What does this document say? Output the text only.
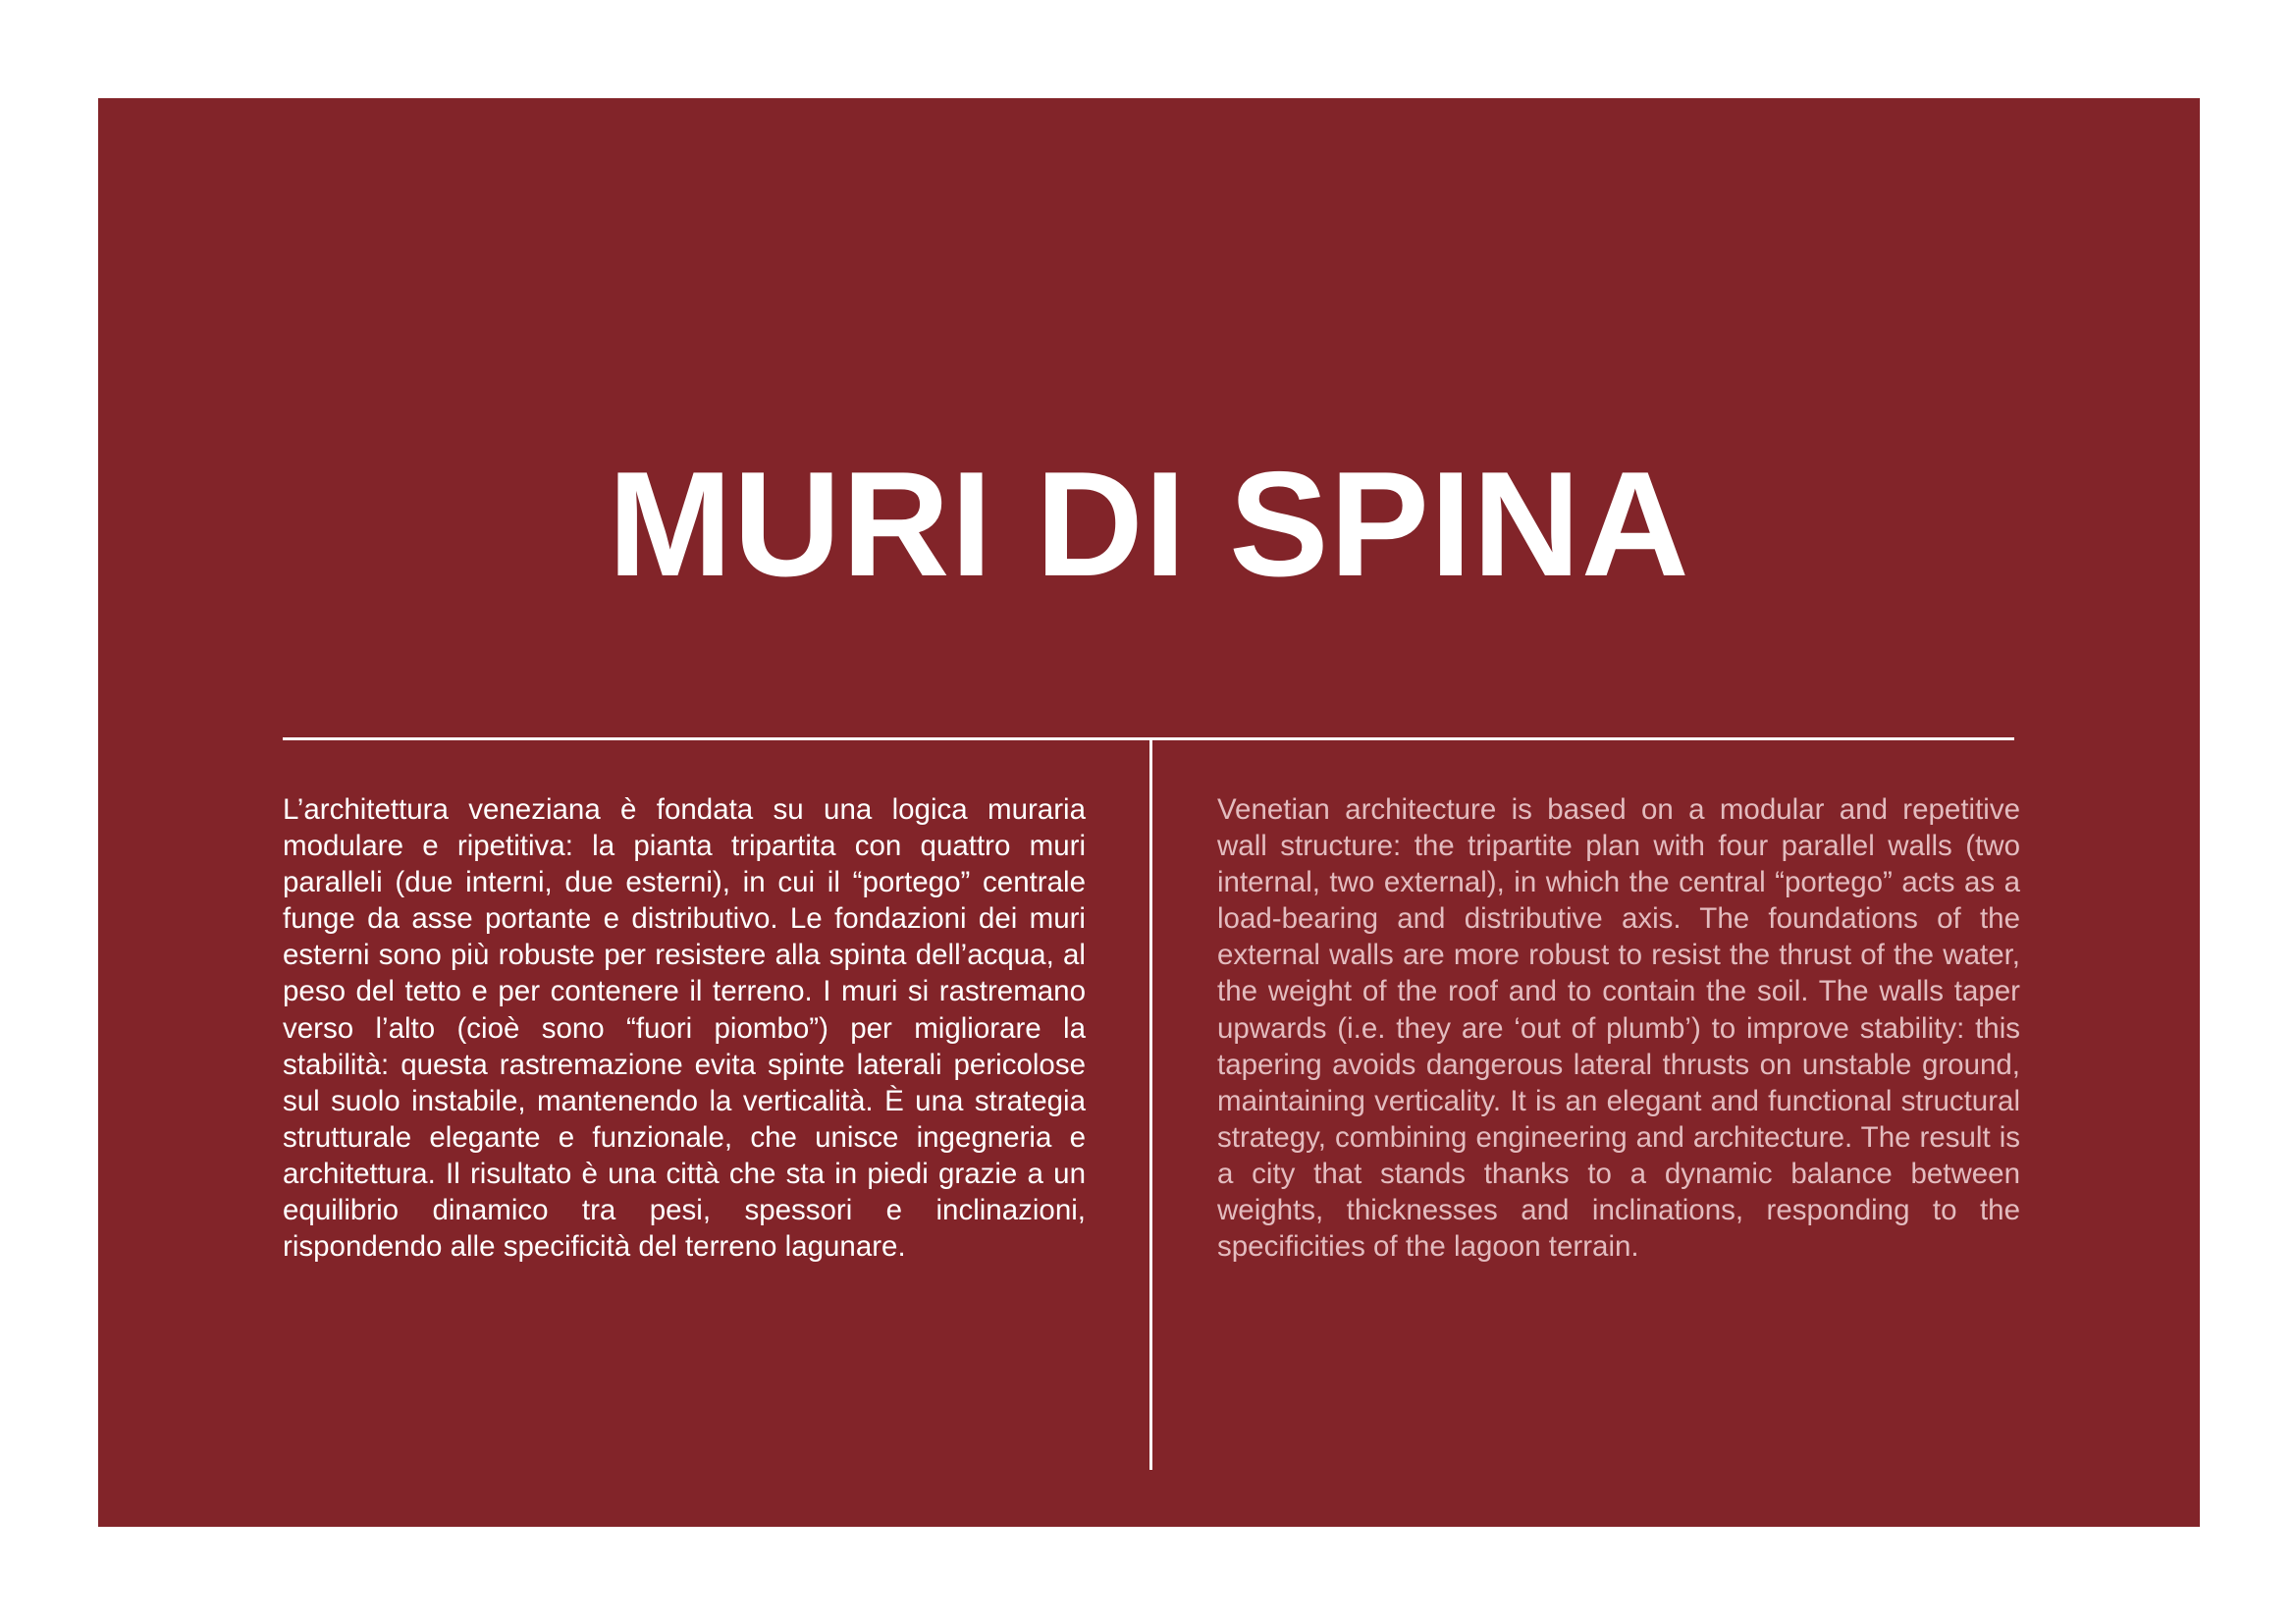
MURI DI SPINA

L’architettura veneziana è fondata su una logica muraria modulare e ripetitiva: la pianta tripartita con quattro muri paralleli (due interni, due esterni), in cui il “portego” centrale funge da asse portante e distributivo. Le fondazioni dei muri esterni sono più robuste per resistere alla spinta dell’acqua, al peso del tetto e per contenere il terreno. I muri si rastremano verso l’alto (cioè sono “fuori piombo”) per migliorare la stabilità: questa rastremazione evita spinte laterali pericolose sul suolo instabile, mantenendo la verticalità. È una strategia strutturale elegante e funzionale, che unisce ingegneria e architettura. Il risultato è una città che sta in piedi grazie a un equilibrio dinamico tra pesi, spessori e inclinazioni, rispondendo alle specificità del terreno lagunare.

Venetian architecture is based on a modular and repetitive wall structure: the tripartite plan with four parallel walls (two internal, two external), in which the central “portego” acts as a load-bearing and distributive axis. The foundations of the external walls are more robust to resist the thrust of the water, the weight of the roof and to contain the soil. The walls taper upwards (i.e. they are ‘out of plumb’) to improve stability: this tapering avoids dangerous lateral thrusts on unstable ground, maintaining verticality. It is an elegant and functional structural strategy, combining engineering and architecture. The result is a city that stands thanks to a dynamic balance between weights, thicknesses and inclinations, responding to the specificities of the lagoon terrain.
